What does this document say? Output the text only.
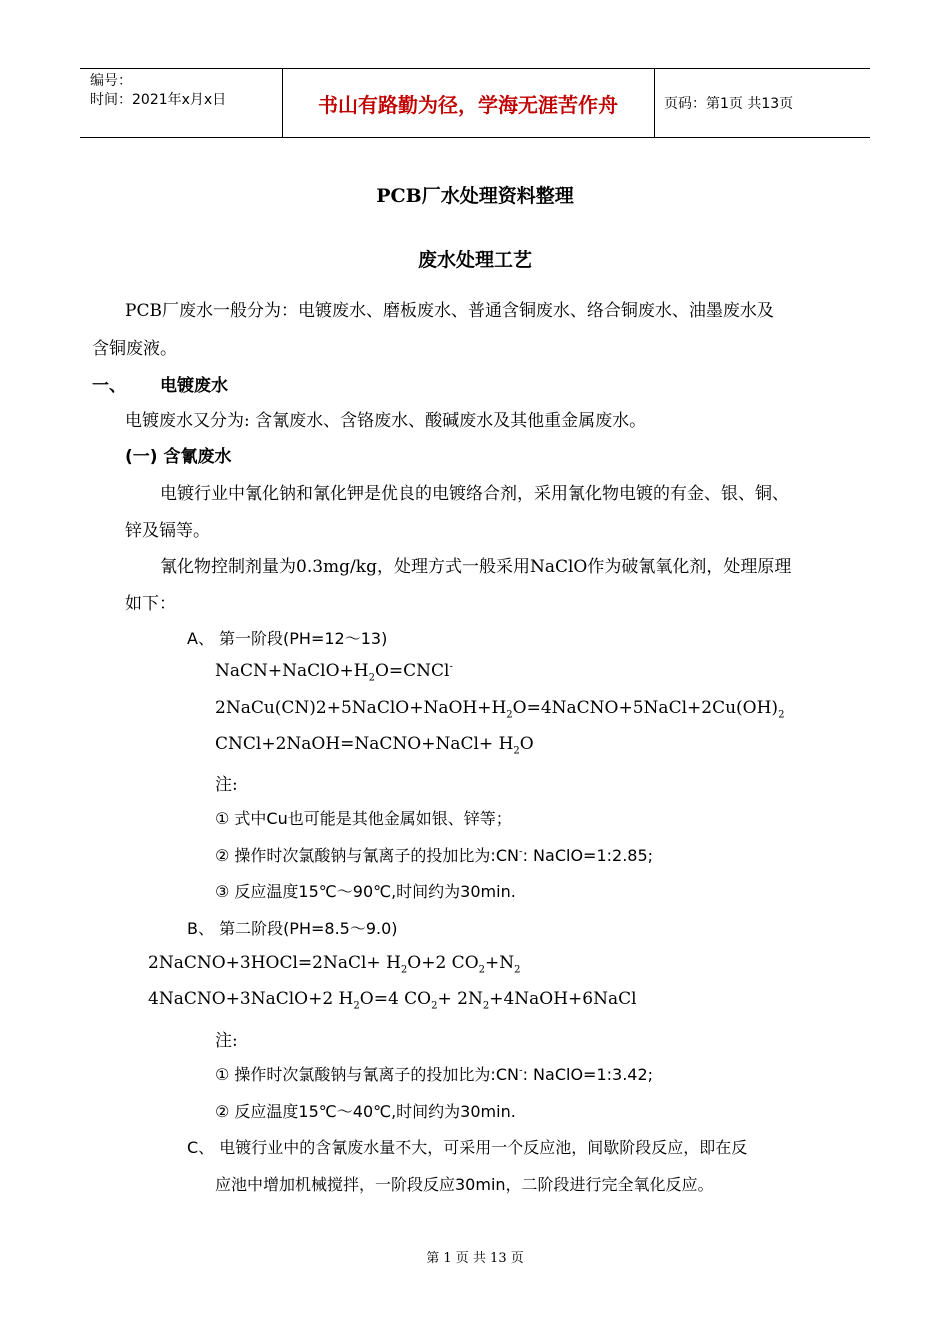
编号：
时间：2021年x月x日	书山有路勤为径，学海无涯苦作舟	页码：第1页 共13页
PCB厂水处理资料整理
废水处理工艺
PCB厂废水一般分为：电镀废水、磨板废水、普通含铜废水、络合铜废水、油墨废水及
含铜废液。
一、 电镀废水
电镀废水又分为: 含氰废水、含铬废水、酸碱废水及其他重金属废水。
(一) 含氰废水
电镀行业中氰化钠和氰化钾是优良的电镀络合剂，采用氰化物电镀的有金、银、铜、
锌及镉等。
氰化物控制剂量为0.3mg/kg，处理方式一般采用NaClO作为破氰氧化剂，处理原理
如下：
A、 第一阶段(PH=12～13)
$NaCN+NaClO+H_2O=CNCl^-$
$2NaCu(CN)2+5NaClO+NaOH+H_2O=4NaCNO+5NaCl+2Cu(OH)_2$
CNCl+2NaOH=NaCNO+NaCl+ $H_2O$
注:
① 式中Cu也可能是其他金属如银、锌等；
② 操作时次氯酸钠与氰离子的投加比为:CN-: NaClO=1:2.85;
③ 反应温度15℃～90℃,时间约为30min.
B、 第二阶段(PH=8.5～9.0)
2NaCNO+3HOCl=2NaCl+ $H_2O+2$ $CO_2+N_2$
4NaCNO+3NaClO+2 $H_2O=4$ $CO_2+$ $2N_2+4NaOH+6NaCl$
注:
① 操作时次氯酸钠与氰离子的投加比为:CN-: NaClO=1:3.42;
② 反应温度15℃～40℃,时间约为30min.
C、 电镀行业中的含氰废水量不大，可采用一个反应池，间歇阶段反应，即在反
应池中增加机械搅拌，一阶段反应30min，二阶段进行完全氧化反应。
第 1 页 共 13 页
